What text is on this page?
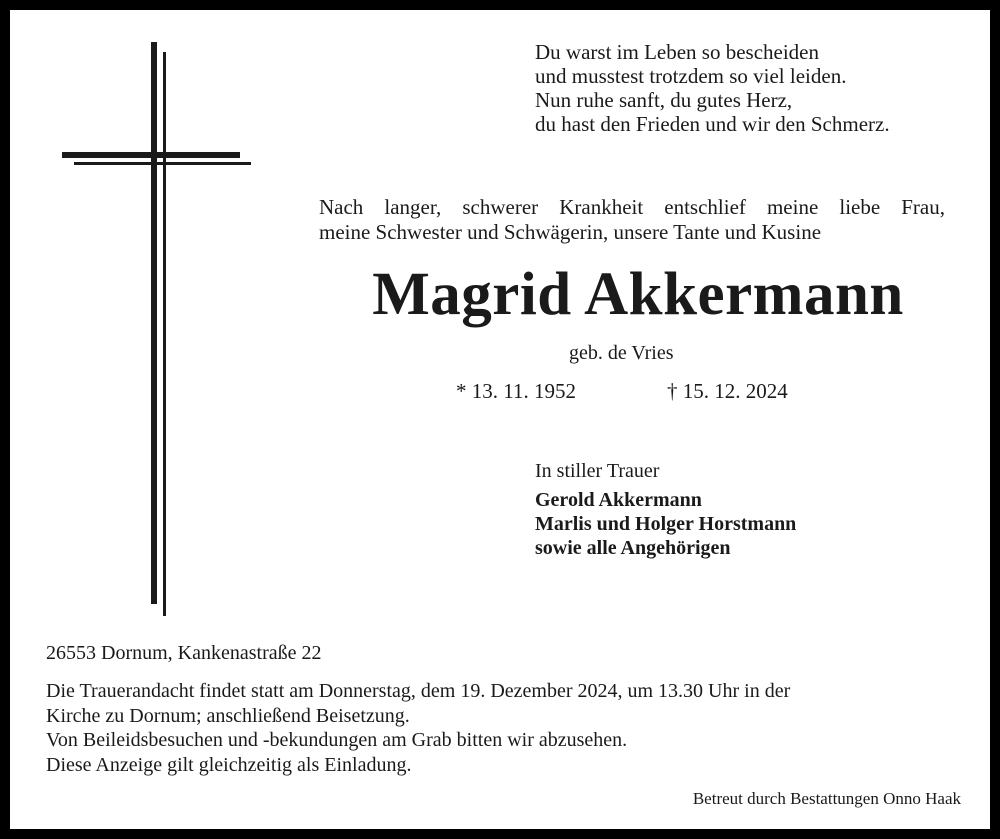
Du warst im Leben so bescheiden
und musstest trotzdem so viel leiden.
Nun ruhe sanft, du gutes Herz,
du hast den Frieden und wir den Schmerz.
Nach langer, schwerer Krankheit entschlief meine liebe Frau,
meine Schwester und Schwägerin, unsere Tante und Kusine
Magrid Akkermann
geb. de Vries
* 13. 11. 1952	† 15. 12. 2024
In stiller Trauer
Gerold Akkermann
Marlis und Holger Horstmann
sowie alle Angehörigen
26553 Dornum, Kankenastraße 22
Die Trauerandacht findet statt am Donnerstag, dem 19. Dezember 2024, um 13.30 Uhr in der
Kirche zu Dornum; anschließend Beisetzung.
Von Beileidsbesuchen und -bekundungen am Grab bitten wir abzusehen.
Diese Anzeige gilt gleichzeitig als Einladung.
Betreut durch Bestattungen Onno Haak
